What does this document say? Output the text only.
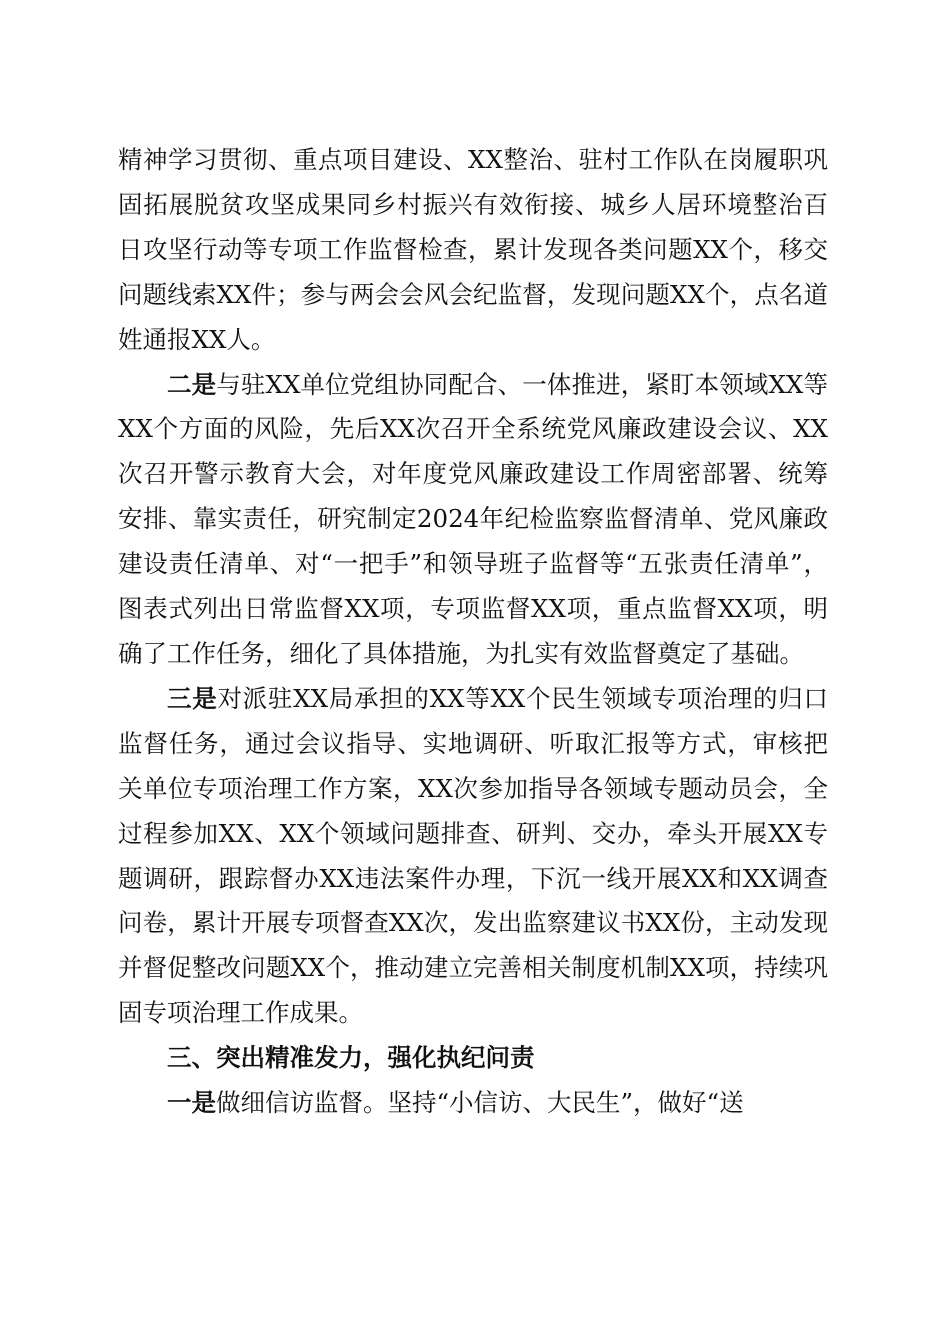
精神学习贯彻、重点项目建设、XX整治、驻村工作队在岗履职巩固拓展脱贫攻坚成果同乡村振兴有效衔接、城乡人居环境整治百日攻坚行动等专项工作监督检查，累计发现各类问题XX个，移交问题线索XX件；参与两会会风会纪监督，发现问题XX个，点名道姓通报XX人。

二是与驻XX单位党组协同配合、一体推进，紧盯本领域XX等XX个方面的风险，先后XX次召开全系统党风廉政建设会议、XX次召开警示教育大会，对年度党风廉政建设工作周密部署、统筹安排、靠实责任，研究制定2024年纪检监察监督清单、党风廉政建设责任清单、对“一把手”和领导班子监督等“五张责任清单”，图表式列出日常监督XX项，专项监督XX项，重点监督XX项，明确了工作任务，细化了具体措施，为扎实有效监督奠定了基础。

三是对派驻XX局承担的XX等XX个民生领域专项治理的归口监督任务，通过会议指导、实地调研、听取汇报等方式，审核把关单位专项治理工作方案，XX次参加指导各领域专题动员会，全过程参加XX、XX个领域问题排查、研判、交办，牵头开展XX专题调研，跟踪督办XX违法案件办理，下沉一线开展XX和XX调查问卷，累计开展专项督查XX次，发出监察建议书XX份，主动发现并督促整改问题XX个，推动建立完善相关制度机制XX项，持续巩固专项治理工作成果。

三、突出精准发力，强化执纪问责

一是做细信访监督。坚持“小信访、大民生”，做好“送
